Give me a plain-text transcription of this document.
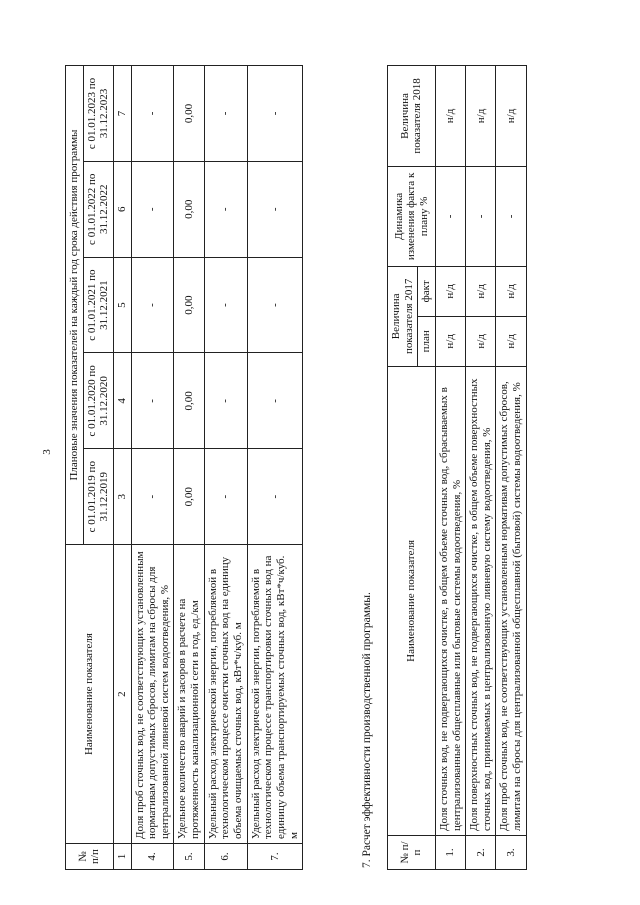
3
№ п/п	Наименование показателя	Плановые значения показателей на каждый год срока действия программы				
		с 01.01.2019 по 31.12.2019	с 01.01.2020 по 31.12.2020	с 01.01.2021 по 31.12.2021	с 01.01.2022 по 31.12.2022	с 01.01.2023 по 31.12.2023
1	2	3	4	5	6	7
4.	Доля проб сточных вод, не соответствующих установленным нормативам допустимых сбросов, лимитам на сбросы для централизованной ливневой систем водоотведения, %	-	-	-	-	-
5.	Удельное количество аварий и засоров в расчете на протяженность канализационной сети в год, ед./км	0,00	0,00	0,00	0,00	0,00
6.	Удельный расход электрической энергии, потребляемой в технологическом процессе очистки сточных вод на единицу объема очищаемых сточных вод, кВт*ч/куб. м	-	-	-	-	-
7.	Удельный расход электрической энергии, потребляемой в технологическом процессе транспортировки сточных вод на единицу объема транспортируемых сточных вод, кВт*ч/куб. м	-	-	-	-	-
7. Расчет эффективности производственной программы. № п/п	Наименование показателя	Величина показателя 2017		Динамика изменения факта к плану %	Величина показателя 2018
		план	факт		
1.	Доля сточных вод, не подвергающихся очистке, в общем объеме сточных вод, сбрасываемых в централизованные общесплавные или бытовые системы водоотведения, %	н/д	н/д	-	н/д
2.	Доля поверхностных сточных вод, не подвергающихся очистке, в общем объеме поверхностных сточных вод, принимаемых в централизованную ливневую систему водоотведения, %	н/д	н/д	-	н/д
3.	Доля проб сточных вод, не соответствующих установленным нормативам допустимых сбросов, лимитам на сбросы для централизованной общесплавной (бытовой) системы водоотведения, %	н/д	н/д	-	н/д
